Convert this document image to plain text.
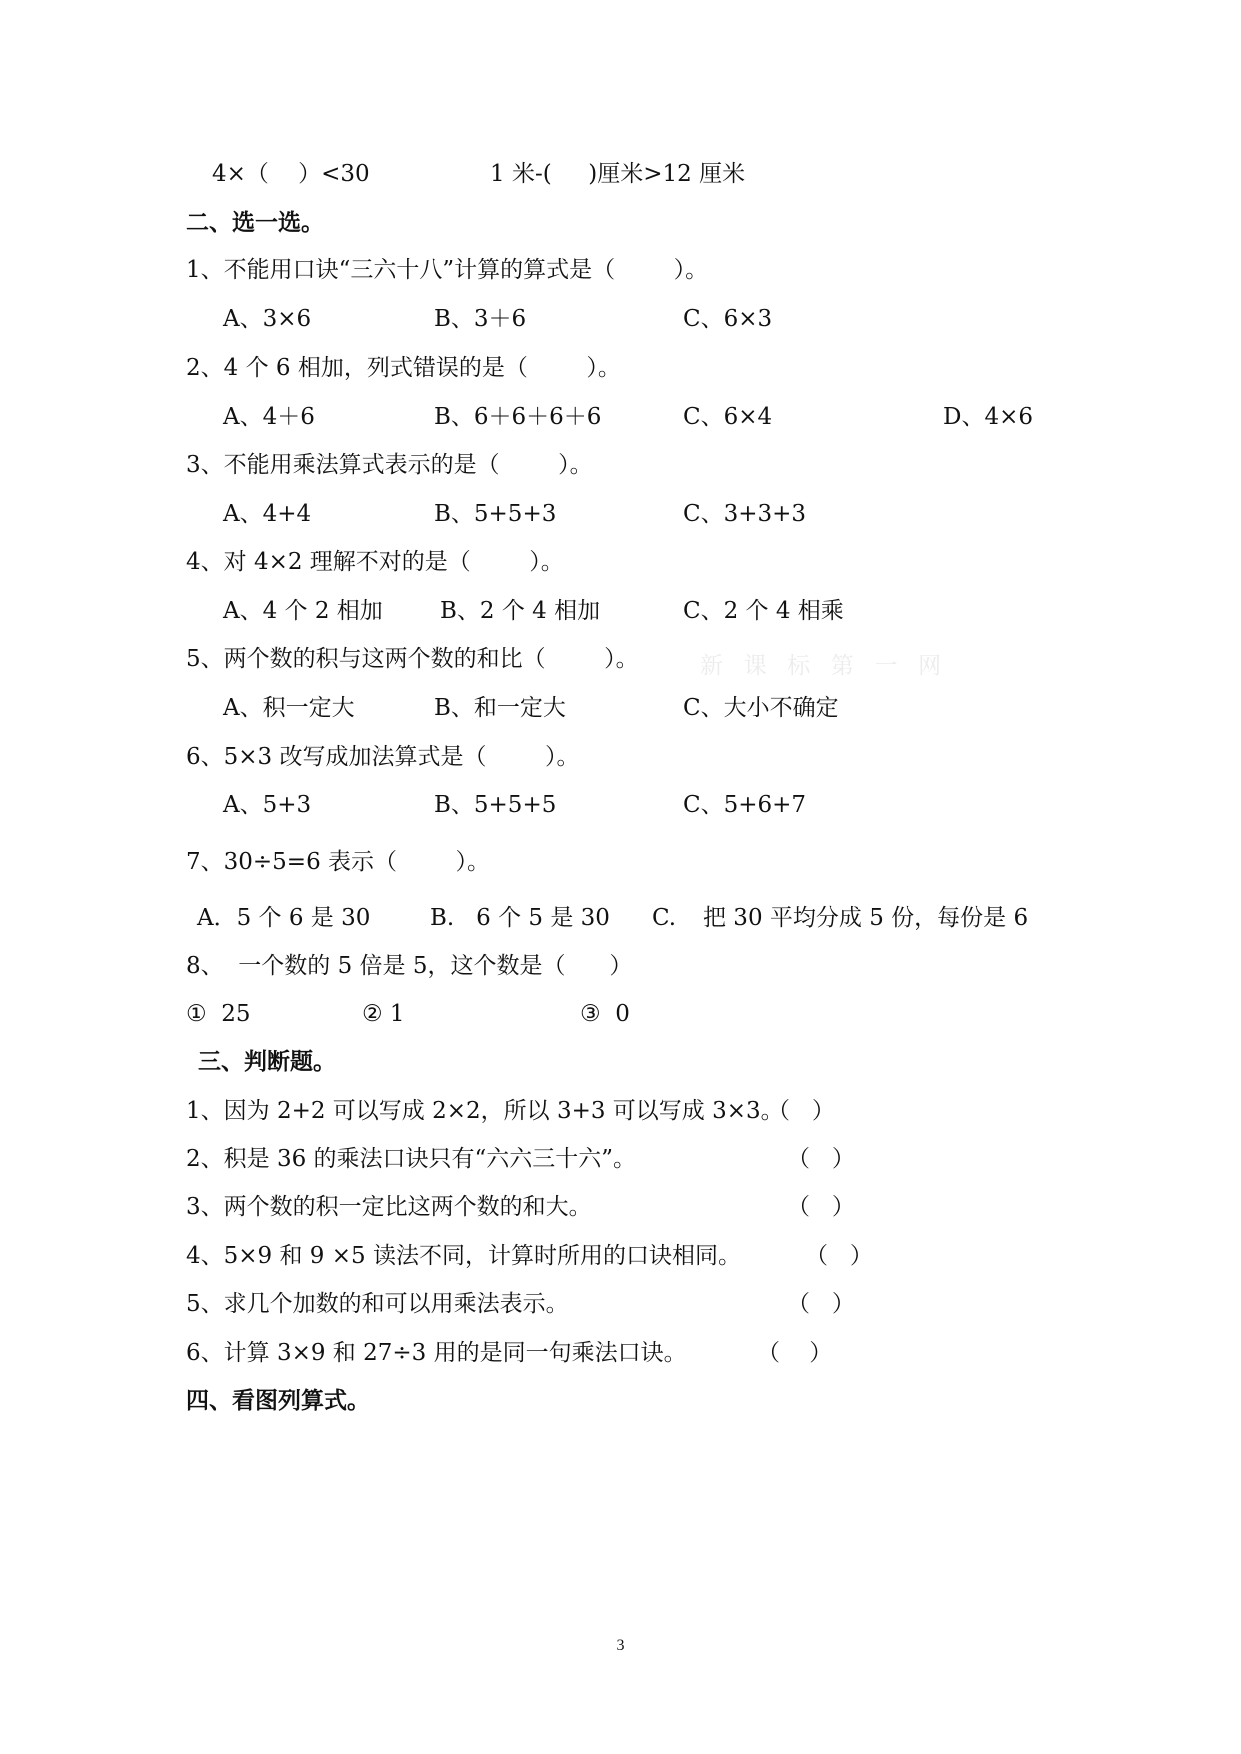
4×（    ）<30	1 米-(     )厘米>12 厘米
二、选一选。
1、不能用口诀“三六十八”计算的算式是（        ）。
A、3×6	B、3＋6	C、6×3
2、4 个 6 相加，列式错误的是（        ）。
A、4＋6	B、6＋6＋6＋6	C、6×4	D、4×6
3、不能用乘法算式表示的是（        ）。
A、4+4	B、5+5+3	C、3+3+3
4、对 4×2 理解不对的是（        ）。
A、4 个 2 相加 B、2 个 4 相加	C、2 个 4 相乘
5、两个数的积与这两个数的和比（        ）。	新  课  标  第  一  网
A、积一定大	B、和一定大	C、大小不确定
6、5×3 改写成加法算式是（        ）。
A、5+3	B、5+5+5	C、5+6+7
7、30÷5=6 表示（        ）。
A．5 个 6 是 30	B.   6 个 5 是 30 C. 把 30 平均分成 5 份，每份是 6
8、  一个数的 5 倍是 5，这个数是（      ）
①  25	② 1	③  0
三、判断题。
1、因为 2+2 可以写成 2×2，所以 3+3 可以写成 3×3。
（   ）
2、积是 36 的乘法口诀只有“六六三十六”。	（   ）
3、两个数的积一定比这两个数的和大。	（   ）
4、5×9 和 9 ×5 读法不同，计算时所用的口诀相同。	（   ）
5、求几个加数的和可以用乘法表示。	（   ）
6、计算 3×9 和 27÷3 用的是同一句乘法口诀。	（    ）
四、看图列算式。
3
